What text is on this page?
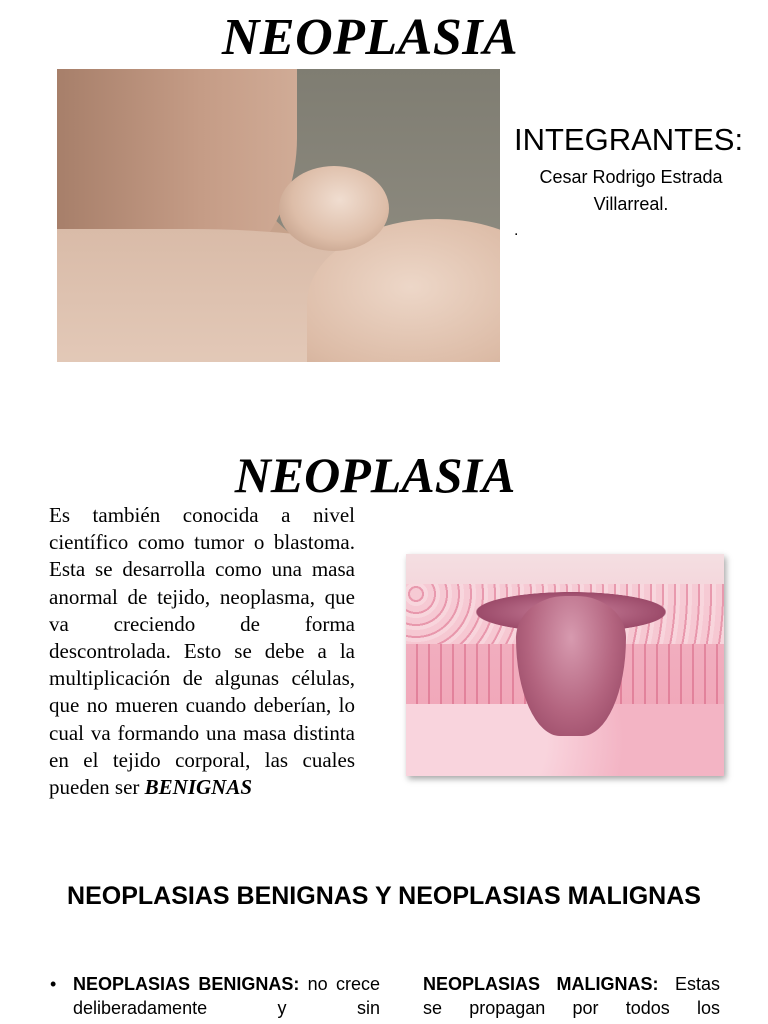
NEOPLASIA
INTEGRANTES:
Cesar Rodrigo Estrada Villarreal.
.
NEOPLASIA
Es también conocida a nivel científico como tumor o blastoma. Esta se desarrolla como una masa anormal de tejido, neoplasma, que va creciendo de forma descontrolada. Esto se debe a la multiplicación de algunas células, que no mueren cuando deberían, lo cual va formando una masa distinta en el tejido corporal, las cuales pueden ser BENIGNAS
NEOPLASIAS BENIGNAS Y NEOPLASIAS MALIGNAS
• NEOPLASIAS BENIGNAS: no crece deliberadamente y sin
NEOPLASIAS MALIGNAS: Estas se propagan por todos los
